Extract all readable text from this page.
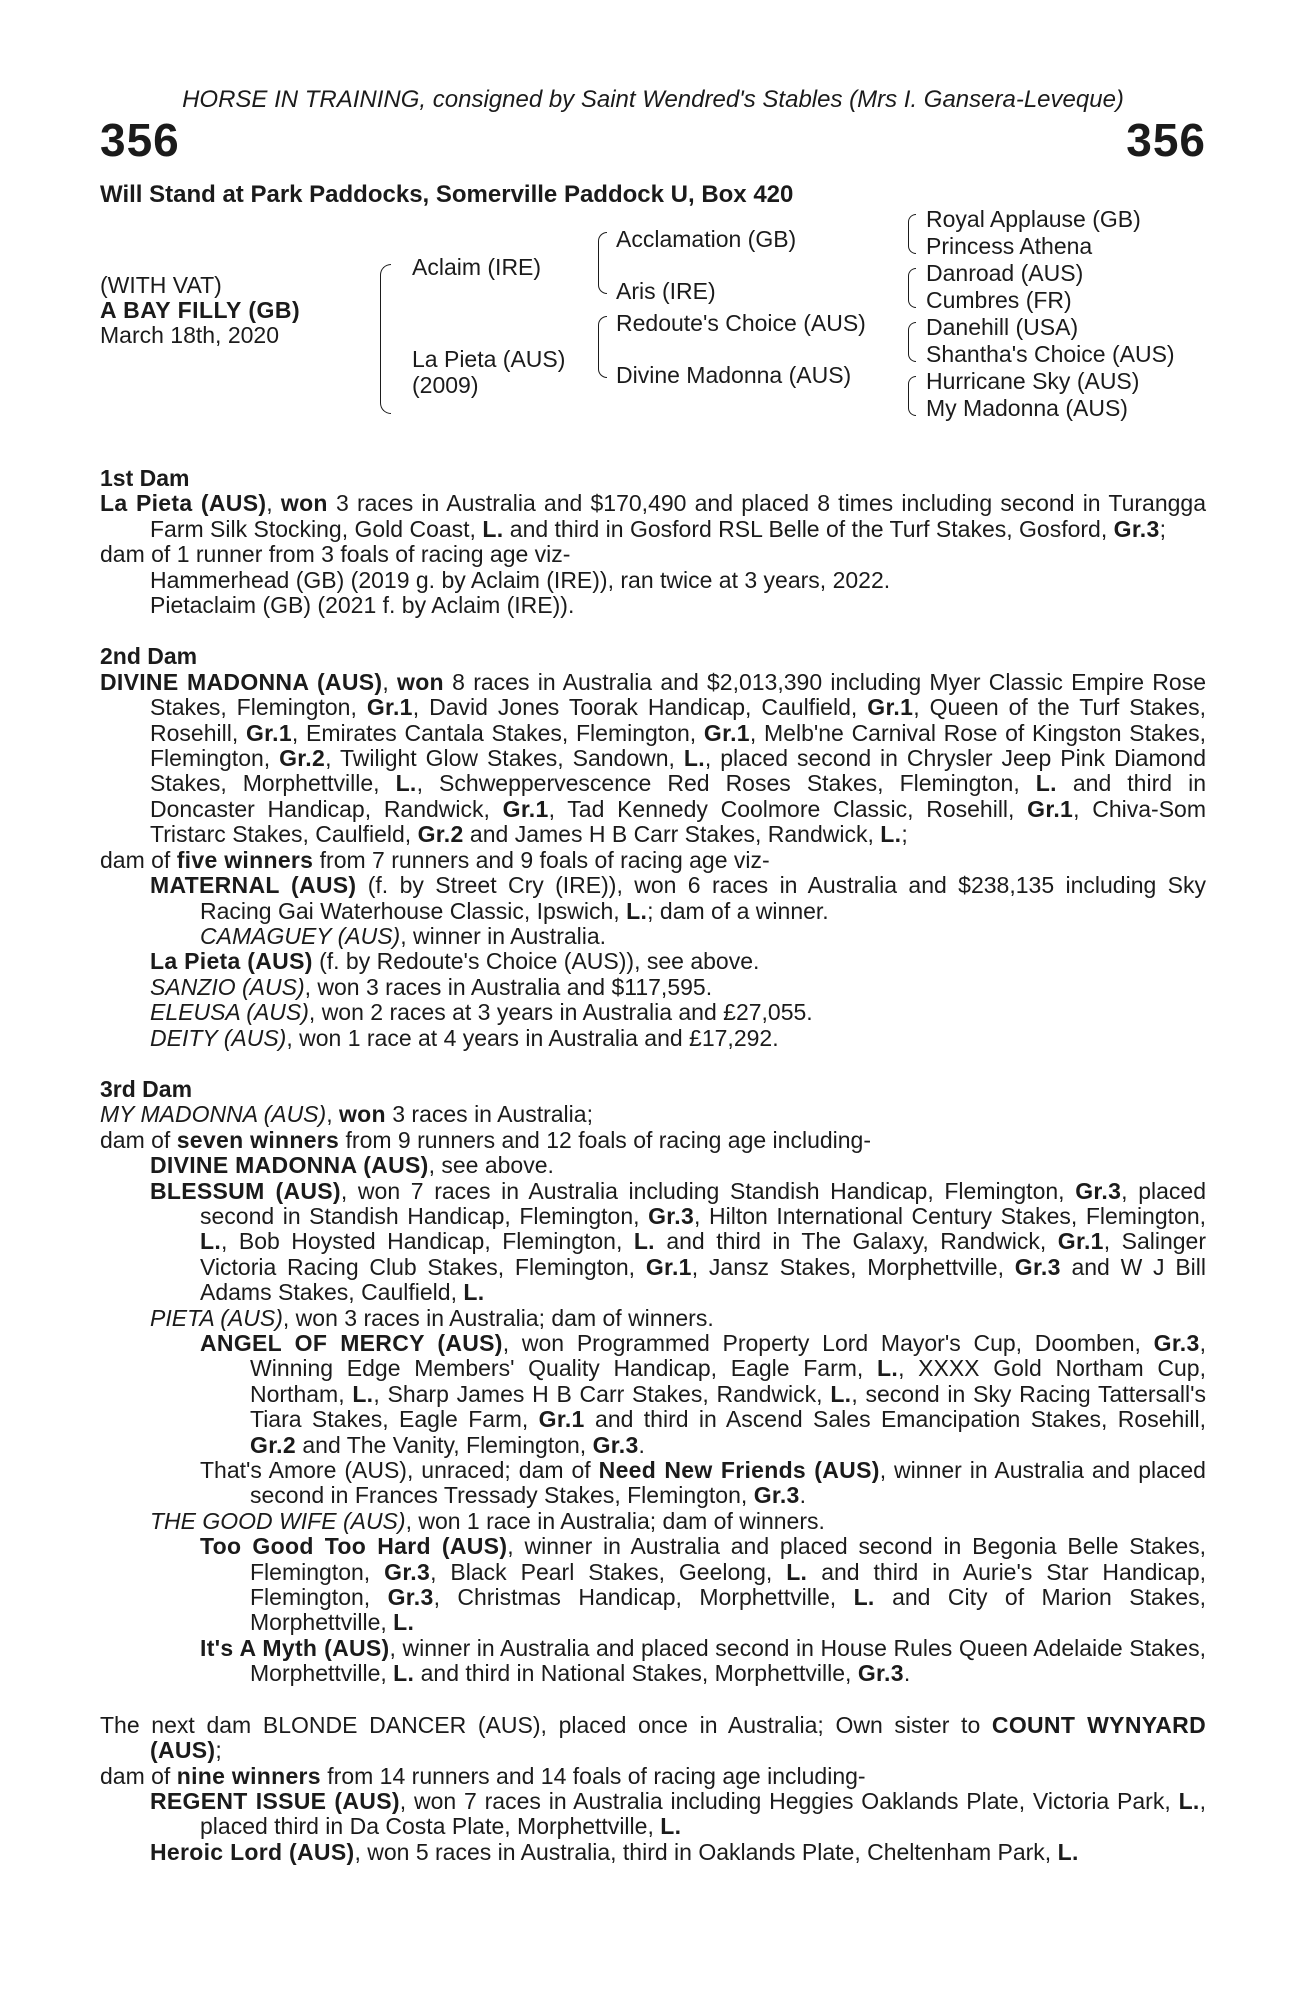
HORSE IN TRAINING, consigned by Saint Wendred's Stables (Mrs I. Gansera-Leveque)

356	356

Will Stand at Park Paddocks, Somerville Paddock U, Box 420

(WITH VAT)
A BAY FILLY (GB)
March 18th, 2020
Aclaim (IRE)
La Pieta (AUS)
(2009)
Acclamation (GB)
Aris (IRE)
Redoute's Choice (AUS)
Divine Madonna (AUS)
Royal Applause (GB)
Princess Athena
Danroad (AUS)
Cumbres (FR)
Danehill (USA)
Shantha's Choice (AUS)
Hurricane Sky (AUS)
My Madonna (AUS)
1st Dam
La Pieta (AUS), won 3 races in Australia and $170,490 and placed 8 times including second in Turangga Farm Silk Stocking, Gold Coast, L. and third in Gosford RSL Belle of the Turf Stakes, Gosford, Gr.3;
dam of 1 runner from 3 foals of racing age viz-
Hammerhead (GB) (2019 g. by Aclaim (IRE)), ran twice at 3 years, 2022.
Pietaclaim (GB) (2021 f. by Aclaim (IRE)).
2nd Dam
DIVINE MADONNA (AUS), won 8 races in Australia and $2,013,390 including Myer Classic Empire Rose Stakes, Flemington, Gr.1, David Jones Toorak Handicap, Caulfield, Gr.1, Queen of the Turf Stakes, Rosehill, Gr.1, Emirates Cantala Stakes, Flemington, Gr.1, Melb'ne Carnival Rose of Kingston Stakes, Flemington, Gr.2, Twilight Glow Stakes, Sandown, L., placed second in Chrysler Jeep Pink Diamond Stakes, Morphettville, L., Schweppervescence Red Roses Stakes, Flemington, L. and third in Doncaster Handicap, Randwick, Gr.1, Tad Kennedy Coolmore Classic, Rosehill, Gr.1, Chiva-Som Tristarc Stakes, Caulfield, Gr.2 and James H B Carr Stakes, Randwick, L.;
dam of five winners from 7 runners and 9 foals of racing age viz-
MATERNAL (AUS) (f. by Street Cry (IRE)), won 6 races in Australia and $238,135 including Sky Racing Gai Waterhouse Classic, Ipswich, L.; dam of a winner.
CAMAGUEY (AUS), winner in Australia.
La Pieta (AUS) (f. by Redoute's Choice (AUS)), see above.
SANZIO (AUS), won 3 races in Australia and $117,595.
ELEUSA (AUS), won 2 races at 3 years in Australia and £27,055.
DEITY (AUS), won 1 race at 4 years in Australia and £17,292.
3rd Dam
MY MADONNA (AUS), won 3 races in Australia;
dam of seven winners from 9 runners and 12 foals of racing age including-
DIVINE MADONNA (AUS), see above.
BLESSUM (AUS), won 7 races in Australia including Standish Handicap, Flemington, Gr.3, placed second in Standish Handicap, Flemington, Gr.3, Hilton International Century Stakes, Flemington, L., Bob Hoysted Handicap, Flemington, L. and third in The Galaxy, Randwick, Gr.1, Salinger Victoria Racing Club Stakes, Flemington, Gr.1, Jansz Stakes, Morphettville, Gr.3 and W J Bill Adams Stakes, Caulfield, L.
PIETA (AUS), won 3 races in Australia; dam of winners.
ANGEL OF MERCY (AUS), won Programmed Property Lord Mayor's Cup, Doomben, Gr.3, Winning Edge Members' Quality Handicap, Eagle Farm, L., XXXX Gold Northam Cup, Northam, L., Sharp James H B Carr Stakes, Randwick, L., second in Sky Racing Tattersall's Tiara Stakes, Eagle Farm, Gr.1 and third in Ascend Sales Emancipation Stakes, Rosehill, Gr.2 and The Vanity, Flemington, Gr.3.
That's Amore (AUS), unraced; dam of Need New Friends (AUS), winner in Australia and placed second in Frances Tressady Stakes, Flemington, Gr.3.
THE GOOD WIFE (AUS), won 1 race in Australia; dam of winners.
Too Good Too Hard (AUS), winner in Australia and placed second in Begonia Belle Stakes, Flemington, Gr.3, Black Pearl Stakes, Geelong, L. and third in Aurie's Star Handicap, Flemington, Gr.3, Christmas Handicap, Morphettville, L. and City of Marion Stakes, Morphettville, L.
It's A Myth (AUS), winner in Australia and placed second in House Rules Queen Adelaide Stakes, Morphettville, L. and third in National Stakes, Morphettville, Gr.3.
The next dam BLONDE DANCER (AUS), placed once in Australia; Own sister to COUNT WYNYARD (AUS);
dam of nine winners from 14 runners and 14 foals of racing age including-
REGENT ISSUE (AUS), won 7 races in Australia including Heggies Oaklands Plate, Victoria Park, L., placed third in Da Costa Plate, Morphettville, L.
Heroic Lord (AUS), won 5 races in Australia, third in Oaklands Plate, Cheltenham Park, L.
